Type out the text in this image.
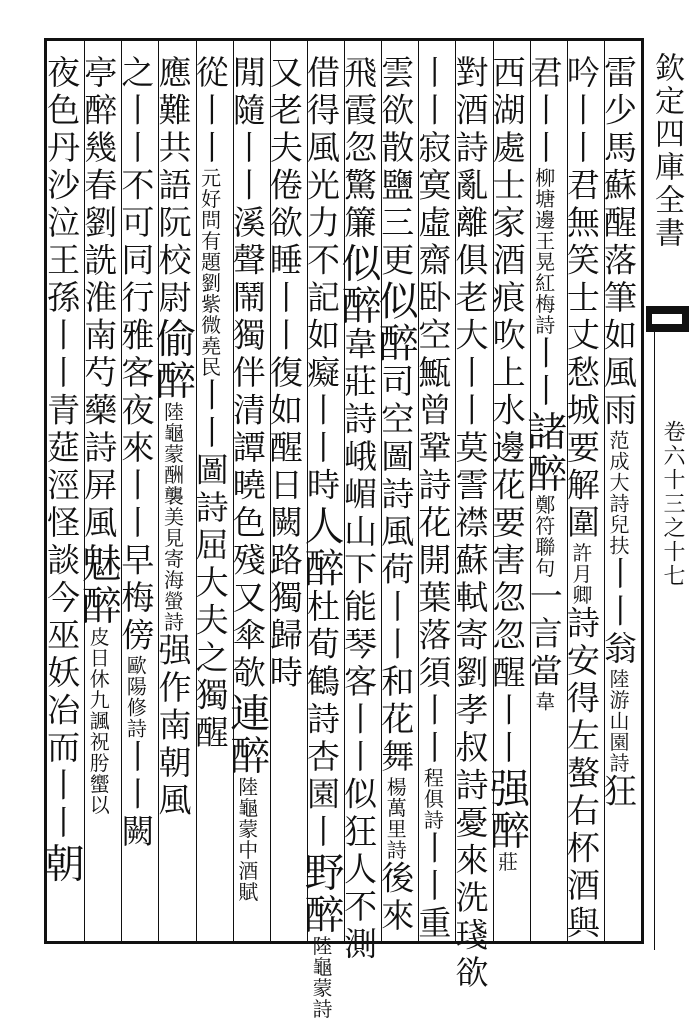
欽定四庫全書
卷六十三之十七
雷少馬蘇醒落筆如風雨范成大詩兒扶丨丨翁陸游山園詩狂
吟丨丨君無笑士丈愁城要解圍許月卿詩安得左螯右杯酒與
君丨丨柳塘邊王晃紅梅詩丨丨諸醉鄭符聯句一言當韋
西湖處士家酒痕吹上水邊花要害忽忽醒丨丨强醉莊
對酒詩亂離俱老大丨丨莫霅襟蘇軾寄劉孝叔詩憂來洗琖欲
丨丨寂寞虛齋卧空甒曾鞏詩花開葉落須丨丨程俱詩丨丨重
雲欲散鹽三更似醉司空圖詩風荷丨丨和花舞楊萬里詩後來
飛霞忽驚簾似醉韋莊詩峨嵋山下能琴客丨丨似狂人不測
借得風光力不記如癡丨丨時人醉杜荀鶴詩杏園丨野醉陸龜蒙詩
又老夫倦欲睡丨丨復如醒日闕路獨歸時
閒隨丨丨溪聲鬧獨伴清譚曉色殘又傘欹連醉陸龜蒙中酒賦
從丨丨元好問有題劉紫微堯民丨丨圖詩屈大夫之獨醒
應難共語阮校尉偷醉陸龜蒙酬襲美見寄海螢詩强作南朝風
之丨丨不可同行雅客夜來丨丨早梅傍歐陽修詩丨丨闕
亭醉幾春劉詵淮南芍藥詩屏風魅醉皮日休九諷祝肹蠁以
夜色丹沙泣王孫丨丨青莚涇怪談今巫妖冶而丨丨朝
